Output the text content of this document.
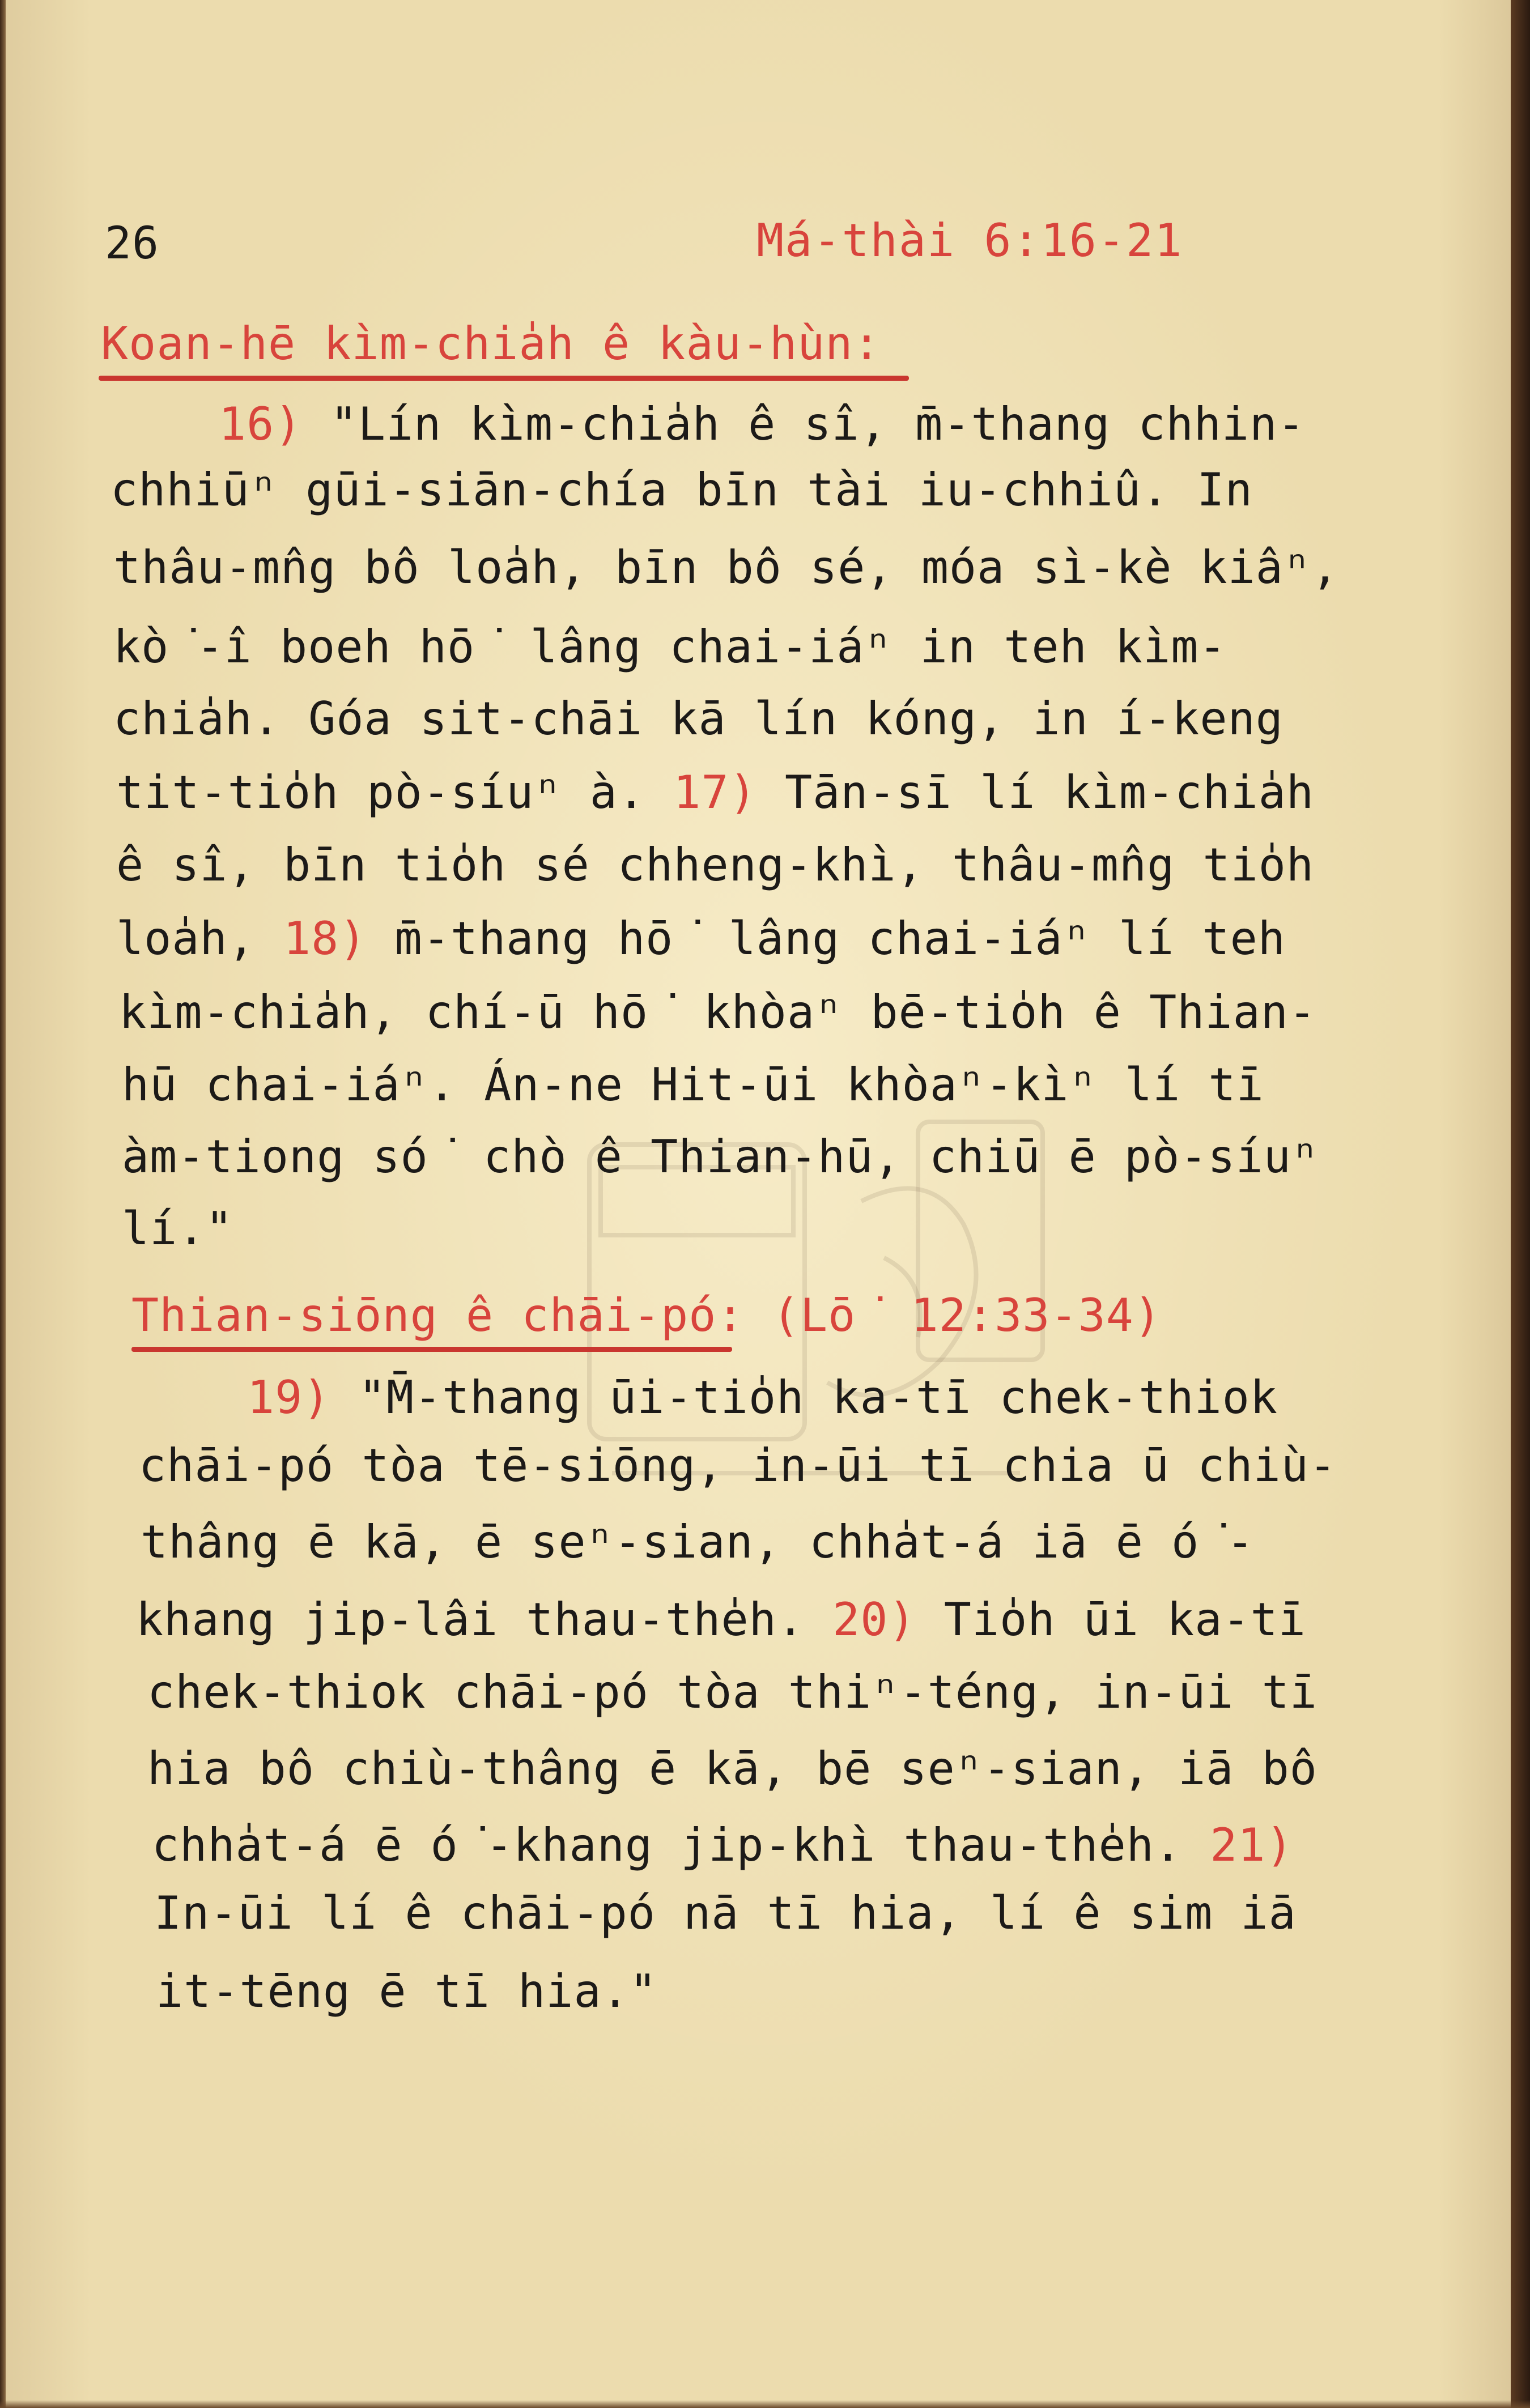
26	Má-thài 6:16-21
Koan-hē kìm-chia̍h ê kàu-hùn:
16) "Lín kìm-chia̍h ê sî, m̄-thang chhin-
chhiūⁿ gūi-siān-chía bīn tài iu-chhiû. In
thâu-mn̂g bô loa̍h, bīn bô sé, móa sì-kè kiâⁿ,
kò͘-î boeh hō͘ lâng chai-iáⁿ in teh kìm-
chia̍h. Góa sit-chāi kā lín kóng, in í-keng
tit-tio̍h pò-síuⁿ à. 17) Tān-sī lí kìm-chia̍h
ê sî, bīn tio̍h sé chheng-khì, thâu-mn̂g tio̍h
loa̍h, 18) m̄-thang hō͘ lâng chai-iáⁿ lí teh
kìm-chia̍h, chí-ū hō͘ khòaⁿ bē-tio̍h ê Thian-
hū chai-iáⁿ. Án-ne Hit-ūi khòaⁿ-kìⁿ lí tī
àm-tiong só͘ chò ê Thian-hū, chiū ē pò-síuⁿ
lí."
Thian-siōng ê chāi-pó: (Lō͘ 12:33-34)
19) "M̄-thang ūi-tio̍h ka-tī chek-thiok
chāi-pó tòa tē-siōng, in-ūi tī chia ū chiù-
thâng ē kā, ē seⁿ-sian, chha̍t-á iā ē ó͘-
khang jip-lâi thau-the̍h. 20) Tio̍h ūi ka-tī
chek-thiok chāi-pó tòa thiⁿ-téng, in-ūi tī
hia bô chiù-thâng ē kā, bē seⁿ-sian, iā bô
chha̍t-á ē ó͘-khang jip-khì thau-the̍h. 21)
In-ūi lí ê chāi-pó nā tī hia, lí ê sim iā
it-tēng ē tī hia."
